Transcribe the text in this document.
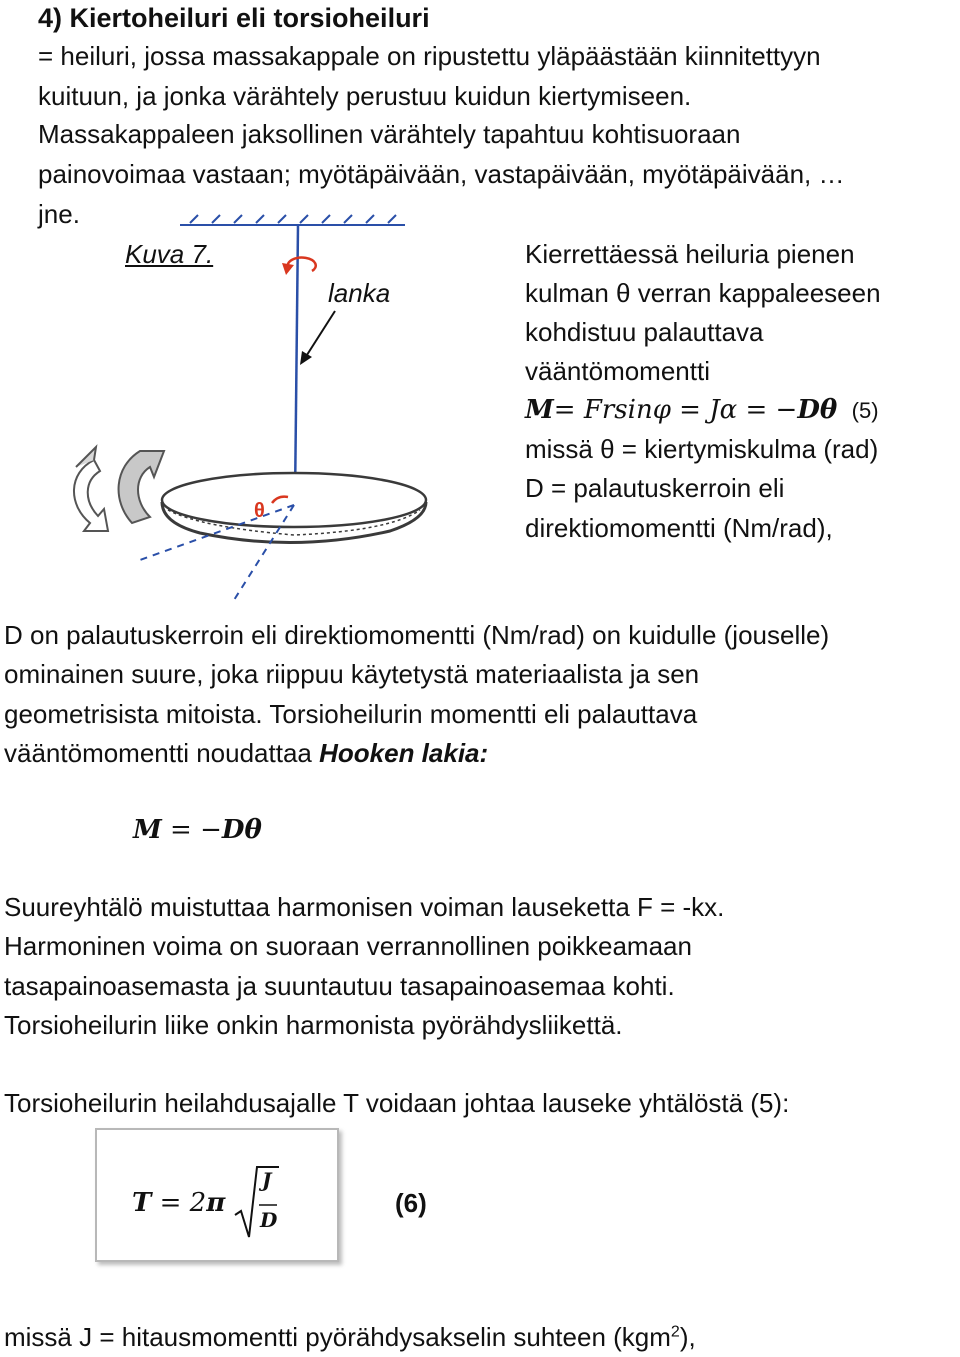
4) Kiertoheiluri eli torsioheiluri
= heiluri, jossa massakappale on ripustettu yläpäästään kiinnitettyyn
kuituun, ja jonka värähtely perustuu kuidun kiertymiseen.
Massakappaleen jaksollinen värähtely tapahtuu kohtisuoraan
painovoimaa vastaan; myötäpäivään, vastapäivään, myötäpäivään, …
jne.
Kuva 7.
lanka
θ
Kierrettäessä heiluria pienen
kulman θ verran kappaleeseen
kohdistuu palauttava
vääntömomentti
M= Frsinφ = Jα = −Dθ (5)
missä θ = kiertymiskulma (rad)
D = palautuskerroin eli
direktiomomentti (Nm/rad),
D on palautuskerroin eli direktiomomentti (Nm/rad) on kuidulle (jouselle)
ominainen suure, joka riippuu käytetystä materiaalista ja sen
geometrisista mitoista. Torsioheilurin momentti eli palauttava
vääntömomentti noudattaa Hooken lakia:
M = −Dθ
Suureyhtälö muistuttaa harmonisen voiman lauseketta F = -kx.
Harmoninen voima on suoraan verrannollinen poikkeamaan
tasapainoasemasta ja suuntautuu tasapainoasemaa kohti.
Torsioheilurin liike onkin harmonista pyörähdysliikettä.
Torsioheilurin heilahdusajalle T voidaan johtaa lauseke yhtälöstä (5):
T = 2π
J
D
(6)
missä J = hitausmomentti pyörähdysakselin suhteen (kgm$^2$),
